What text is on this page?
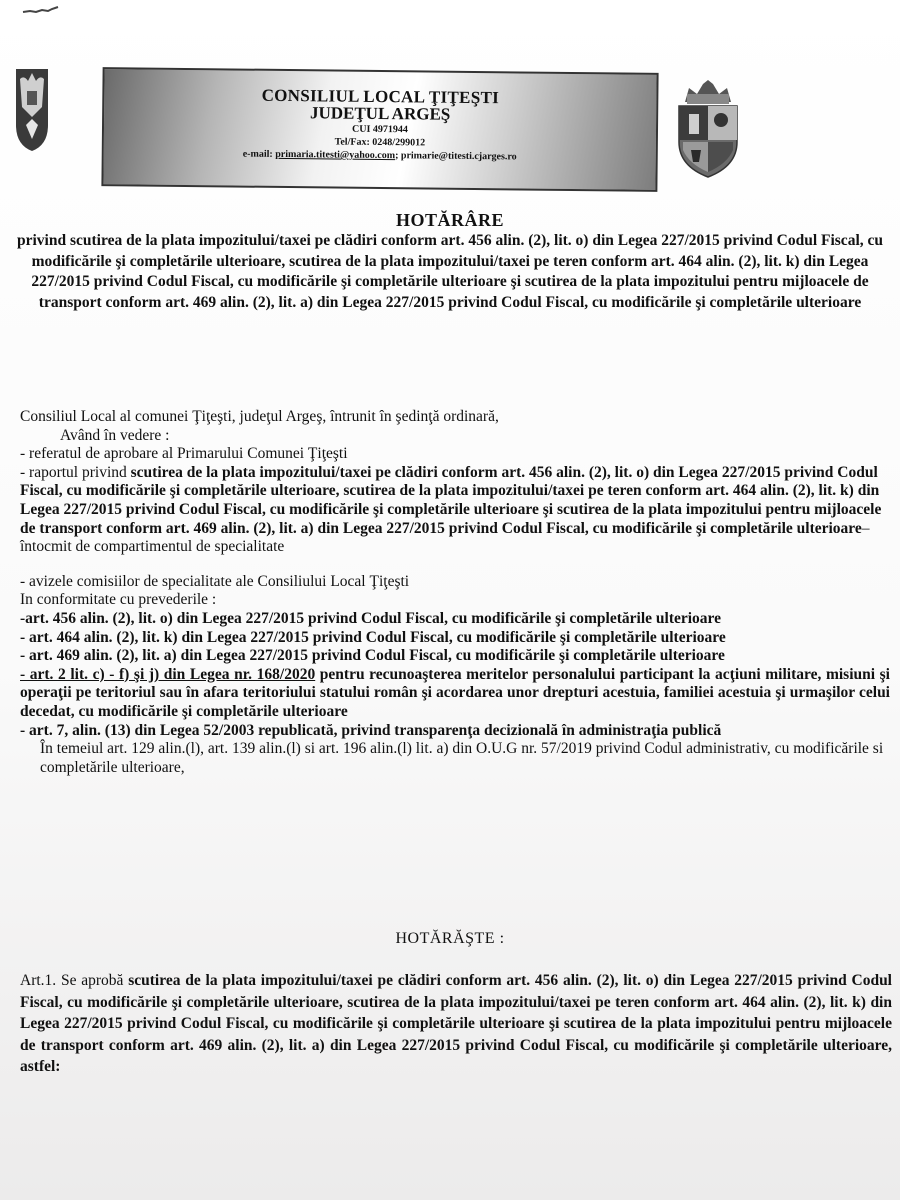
CONSILIUL LOCAL ŢIŢEŞTI
JUDEŢUL ARGEŞ
CUI 4971944
Tel/Fax: 0248/299012
e-mail: primaria.titesti@yahoo.com; primarie@titesti.cjarges.ro
HOTĂRÂRE
privind scutirea de la plata impozitului/taxei pe clădiri conform art. 456 alin. (2), lit. o) din Legea 227/2015 privind Codul Fiscal, cu modificările şi completările ulterioare, scutirea de la plata impozitului/taxei pe teren conform art. 464 alin. (2), lit. k) din Legea 227/2015 privind Codul Fiscal, cu modificările şi completările ulterioare şi scutirea de la plata impozitului pentru mijloacele de transport conform art. 469 alin. (2), lit. a) din Legea 227/2015 privind Codul Fiscal, cu modificările şi completările ulterioare

Consiliul Local al comunei Ţiţeşti, judeţul Argeş, întrunit în şedinţă ordinară,

Având în vedere :

- referatul de aprobare al Primarului Comunei Ţiţeşti

- raportul privind scutirea de la plata impozitului/taxei pe clădiri conform art. 456 alin. (2), lit. o) din Legea 227/2015 privind Codul Fiscal, cu modificările şi completările ulterioare, scutirea de la plata impozitului/taxei pe teren conform art. 464 alin. (2), lit. k) din Legea 227/2015 privind Codul Fiscal, cu modificările şi completările ulterioare şi scutirea de la plata impozitului pentru mijloacele de transport conform art. 469 alin. (2), lit. a) din Legea 227/2015 privind Codul Fiscal, cu modificările şi completările ulterioare– întocmit de compartimentul de specialitate

- avizele comisiilor de specialitate ale Consiliului Local Ţiţeşti

In conformitate cu prevederile :

-art. 456 alin. (2), lit. o) din Legea 227/2015 privind Codul Fiscal, cu modificările şi completările ulterioare

- art. 464 alin. (2), lit. k) din Legea 227/2015 privind Codul Fiscal, cu modificările şi completările ulterioare

- art. 469 alin. (2), lit. a) din Legea 227/2015 privind Codul Fiscal, cu modificările şi completările ulterioare

- art. 2 lit. c) - f) şi j) din Legea nr. 168/2020 pentru recunoaşterea meritelor personalului participant la acţiuni militare, misiuni şi operaţii pe teritoriul sau în afara teritoriului statului român şi acordarea unor drepturi acestuia, familiei acestuia şi urmaşilor celui decedat, cu modificările şi completările ulterioare

- art. 7, alin. (13) din Legea 52/2003 republicată, privind transparenţa decizională în administraţia publică

În temeiul art. 129 alin.(l), art. 139 alin.(l) si art. 196 alin.(l) lit. a) din O.U.G nr. 57/2019 privind Codul administrativ, cu modificările si completările ulterioare,

HOTĂRĂŞTE :
Art.1. Se aprobă scutirea de la plata impozitului/taxei pe clădiri conform art. 456 alin. (2), lit. o) din Legea 227/2015 privind Codul Fiscal, cu modificările şi completările ulterioare, scutirea de la plata impozitului/taxei pe teren conform art. 464 alin. (2), lit. k) din Legea 227/2015 privind Codul Fiscal, cu modificările şi completările ulterioare şi scutirea de la plata impozitului pentru mijloacele de transport conform art. 469 alin. (2), lit. a) din Legea 227/2015 privind Codul Fiscal, cu modificările şi completările ulterioare, astfel:
